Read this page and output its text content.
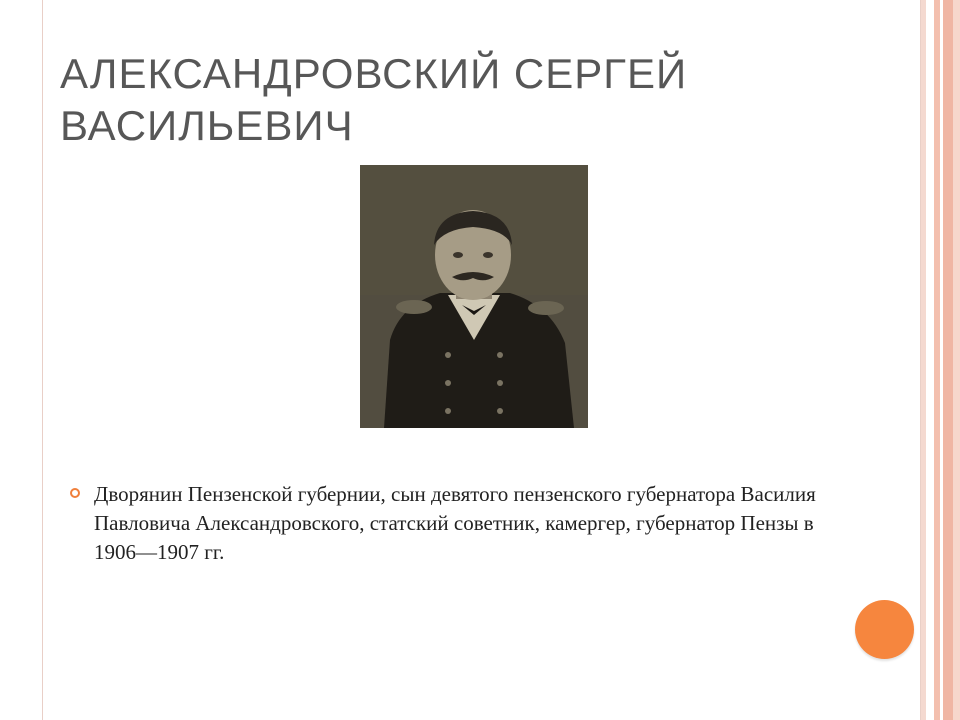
АЛЕКСАНДРОВСКИЙ СЕРГЕЙ
ВАСИЛЬЕВИЧ
Дворянин Пензенской губернии, сын девятого пензенского губернатора Василия Павловича Александровского, статский советник, камергер, губернатор Пензы в 1906—1907 гг.
